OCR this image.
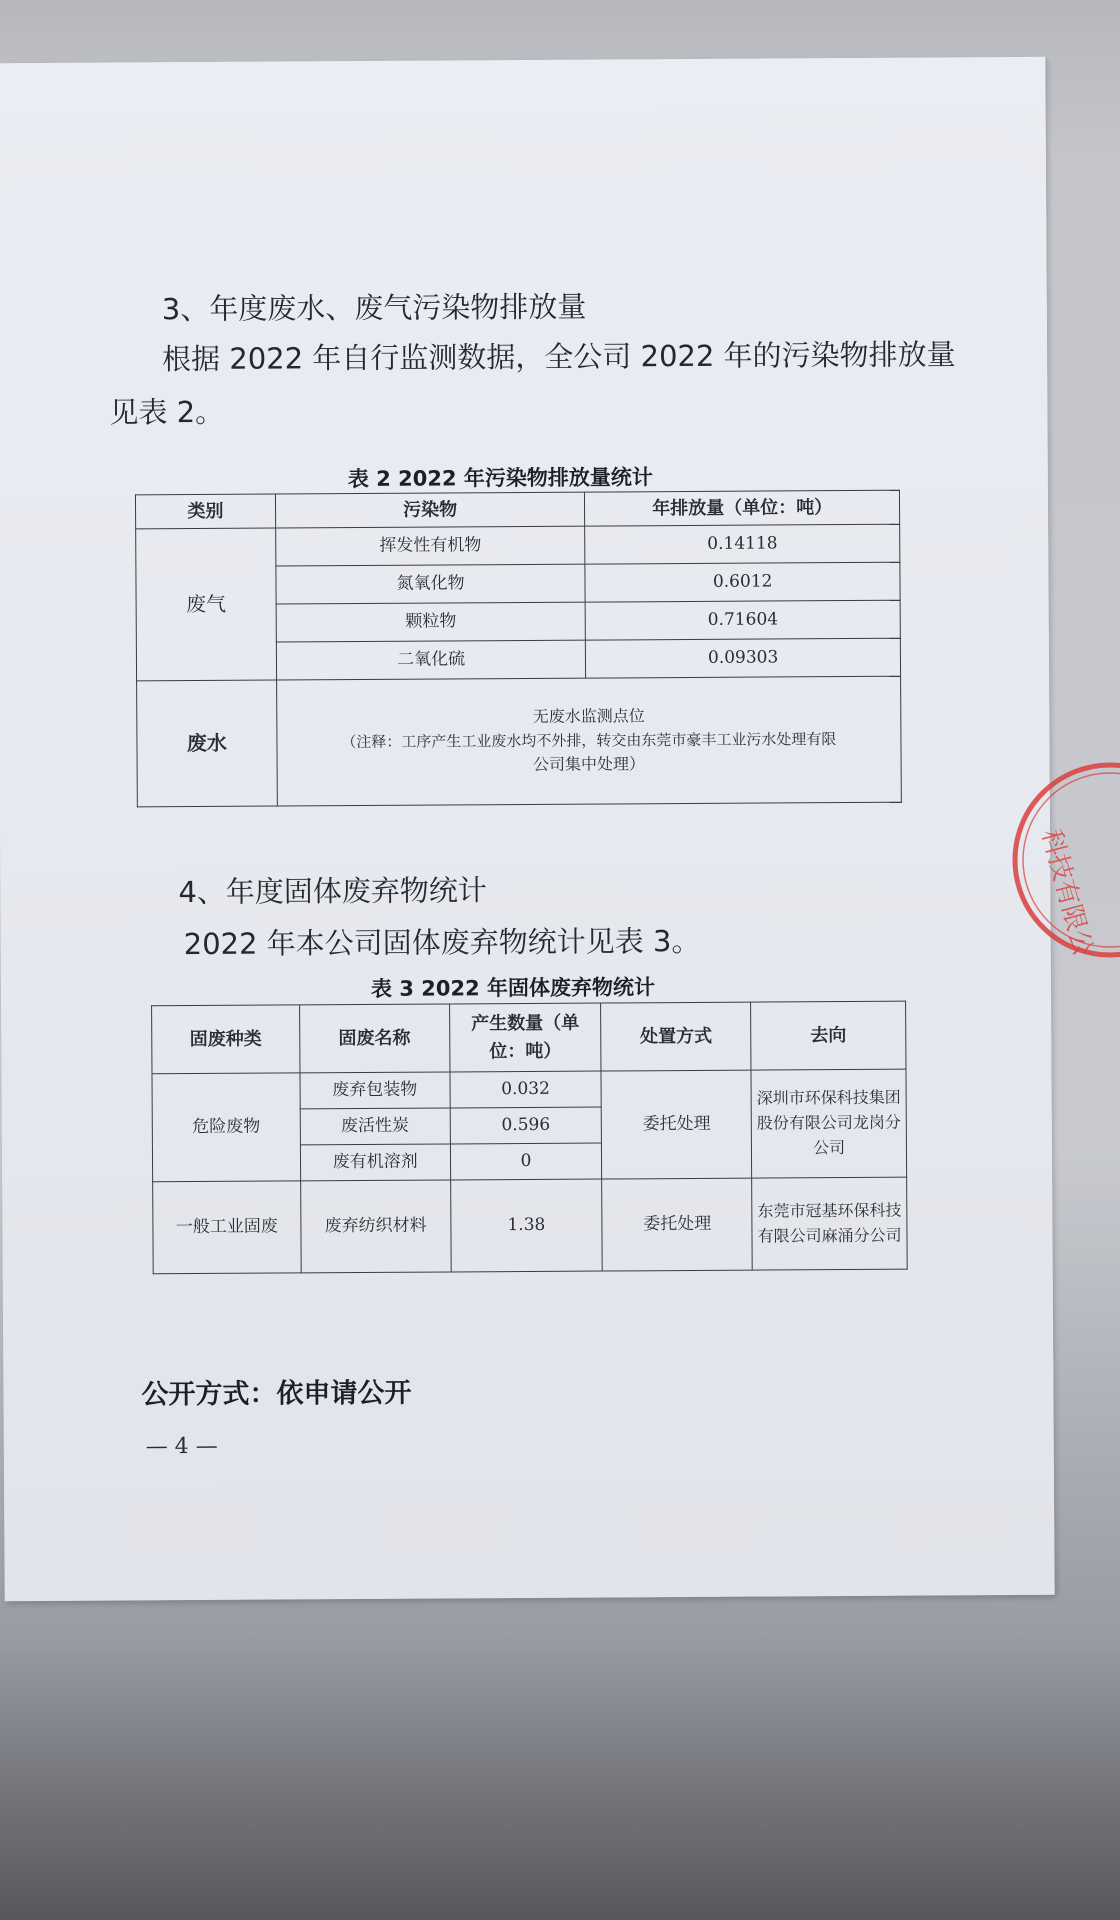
3、年度废水、废气污染物排放量
根据 2022 年自行监测数据，全公司 2022 年的污染物排放量
见表 2。
表 2 2022 年污染物排放量统计
类别	污染物	年排放量（单位：吨）
废气	挥发性有机物	0.14118
	氮氧化物	0.6012
	颗粒物	0.71604
	二氧化硫	0.09303
废水	无废水监测点位
（注释：工序产生工业废水均不外排，转交由东莞市豪丰工业污水处理有限
公司集中处理）	
4、年度固体废弃物统计
2022 年本公司固体废弃物统计见表 3。
表 3 2022 年固体废弃物统计
固废种类	固废名称	产生数量（单位：吨）	处置方式	去向
危险废物	废弃包装物	0.032	委托处理	深圳市环保科技集团股份有限公司龙岗分公司
	废活性炭	0.596		
	废有机溶剂	0		
一般工业固废	废弃纺织材料	1.38	委托处理	东莞市冠基环保科技有限公司麻涌分公司
公开方式：依申请公开
— 4 —
科技有限公
